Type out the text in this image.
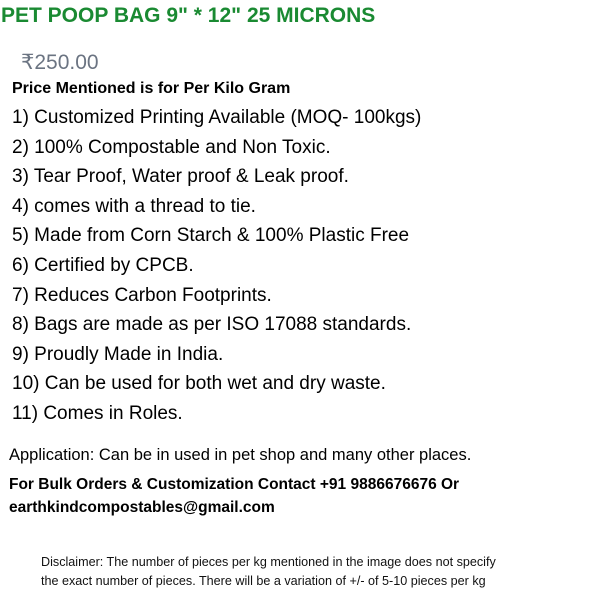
PET POOP BAG 9" * 12" 25 MICRONS
₹250.00
Price Mentioned is for Per Kilo Gram
1) Customized Printing Available (MOQ- 100kgs)
2) 100% Compostable and Non Toxic.
3) Tear Proof, Water proof & Leak proof.
4) comes with a thread to tie.
5) Made from Corn Starch & 100% Plastic Free
6) Certified by CPCB.
7) Reduces Carbon Footprints.
8) Bags are made as per ISO 17088 standards.
9) Proudly Made in India.
10) Can be used for both wet and dry waste.
11) Comes in Roles.
Application: Can be in used in pet shop and many other places.
For Bulk Orders & Customization Contact +91 9886676676 Or
earthkindcompostables@gmail.com
Disclaimer: The number of pieces per kg mentioned in the image does not specify
the exact number of pieces. There will be a variation of +/- of 5-10 pieces per kg
